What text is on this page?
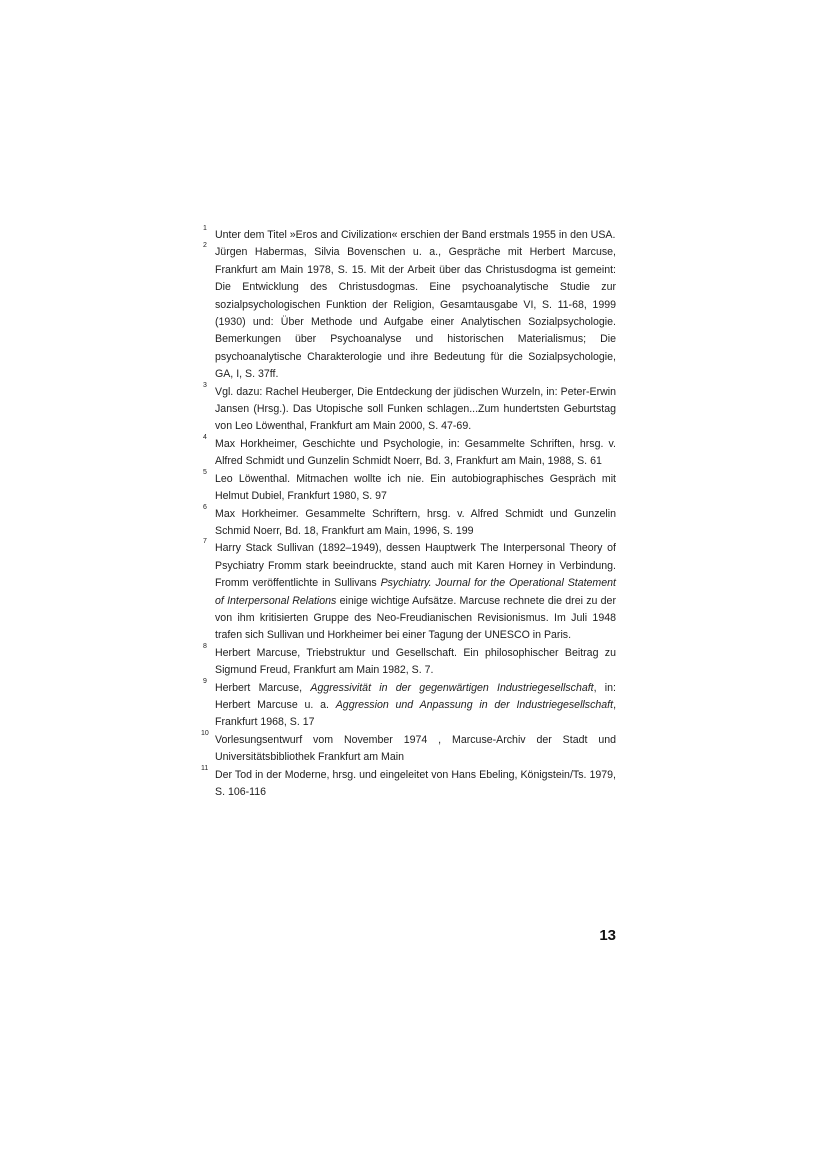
1
Unter dem Titel »Eros and Civilization« erschien der Band erstmals 1955 in den USA.

2
Jürgen Habermas, Silvia Bovenschen u. a., Gespräche mit Herbert Marcuse, Frankfurt am Main 1978, S. 15. Mit der Arbeit über das Christusdogma ist gemeint: Die Entwicklung des Christusdogmas. Eine psychoanalytische Studie zur sozialpsychologischen Funktion der Religion, Gesamtausgabe VI, S. 11-68, 1999 (1930) und: Über Methode und Aufgabe einer Analytischen Sozialpsychologie. Bemerkungen über Psychoanalyse und historischen Materialismus; Die psychoanalytische Charakterologie und ihre Bedeutung für die Sozialpsychologie, GA, I, S. 37ff.

3
Vgl. dazu: Rachel Heuberger, Die Entdeckung der jüdischen Wurzeln, in: Peter-Erwin Jansen (Hrsg.). Das Utopische soll Funken schlagen...Zum hundertsten Geburtstag von Leo Löwenthal, Frankfurt am Main 2000, S. 47-69.

4
Max Horkheimer, Geschichte und Psychologie, in: Gesammelte Schriften, hrsg. v. Alfred Schmidt und Gunzelin Schmidt Noerr, Bd. 3, Frankfurt am Main, 1988, S. 61

5
Leo Löwenthal. Mitmachen wollte ich nie. Ein autobiographisches Gespräch mit Helmut Dubiel, Frankfurt 1980, S. 97

6
Max Horkheimer. Gesammelte Schriftern, hrsg. v. Alfred Schmidt und Gunzelin Schmid Noerr, Bd. 18, Frankfurt am Main, 1996, S. 199

7
Harry Stack Sullivan (1892–1949), dessen Hauptwerk The Interpersonal Theory of Psychiatry Fromm stark beeindruckte, stand auch mit Karen Horney in Verbindung. Fromm veröffentlichte in Sullivans Psychiatry. Journal for the Operational Statement of Interpersonal Relations einige wichtige Aufsätze. Marcuse rechnete die drei zu der von ihm kritisierten Gruppe des Neo-Freudianischen Revisionismus. Im Juli 1948 trafen sich Sullivan und Horkheimer bei einer Tagung der UNESCO in Paris.

8
Herbert Marcuse, Triebstruktur und Gesellschaft. Ein philosophischer Beitrag zu Sigmund Freud, Frankfurt am Main 1982, S. 7.

9
Herbert Marcuse, Aggressivität in der gegenwärtigen Industriegesellschaft, in: Herbert Marcuse u. a. Aggression und Anpassung in der Industriegesellschaft, Frankfurt 1968, S. 17

10
Vorlesungsentwurf vom November 1974 , Marcuse-Archiv der Stadt und Universitätsbibliothek Frankfurt am Main

11
Der Tod in der Moderne, hrsg. und eingeleitet von Hans Ebeling, Königstein/Ts. 1979, S. 106-116

13
